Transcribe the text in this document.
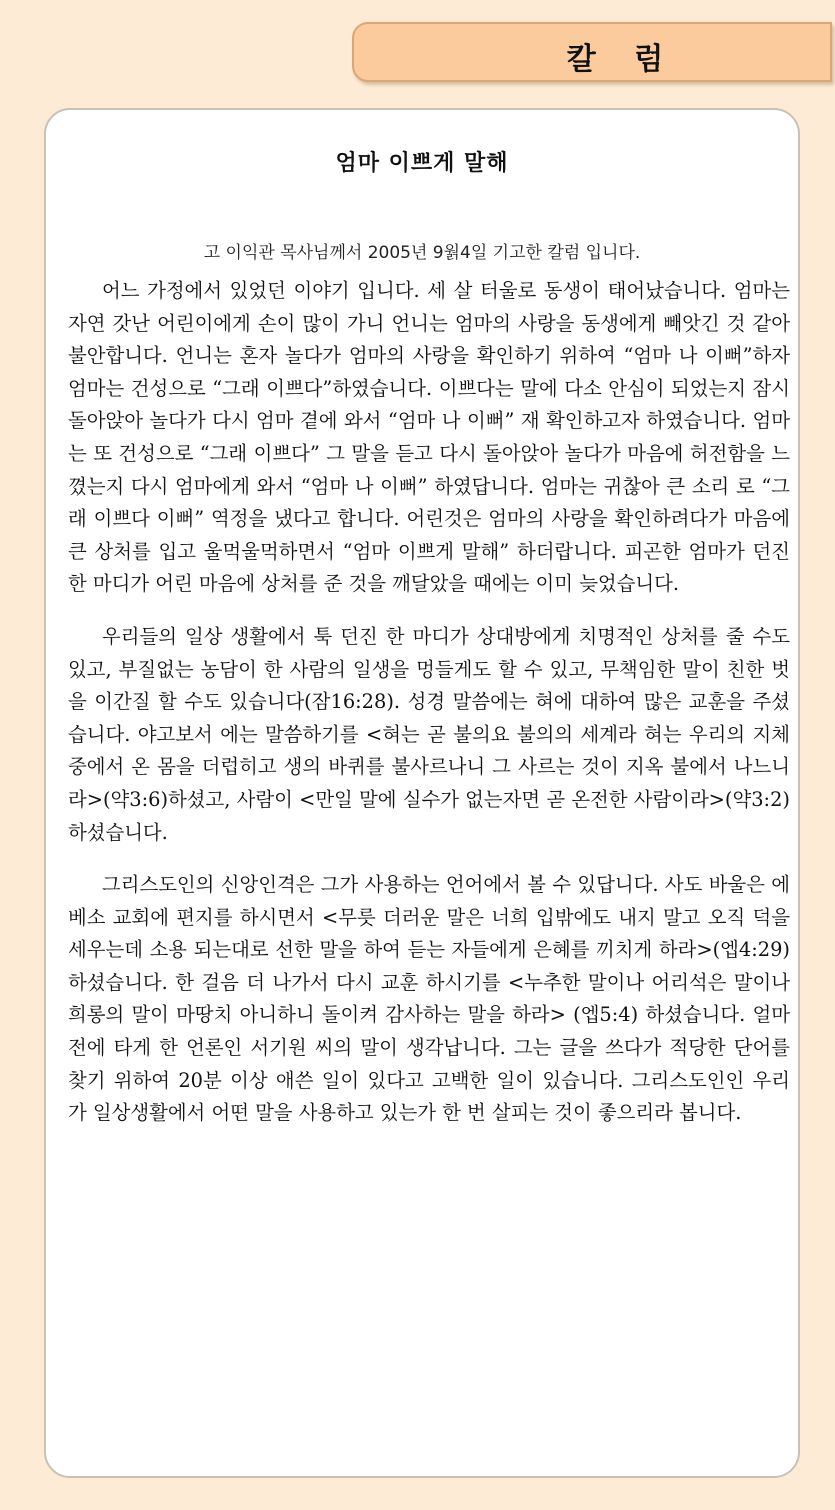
칼 럼
엄마 이쁘게 말해
고 이익관 목사님께서 2005년 9웕4일 기고한 칼럼 입니다.

어느 가정에서 있었던 이야기 입니다. 세 살 터울로 동생이 태어났습니다. 엄마는 자연 갓난 어린이에게 손이 많이 가니 언니는 엄마의 사랑을 동생에게 빼앗긴 것 같아 불안합니다. 언니는 혼자 놀다가 엄마의 사랑을 확인하기 위하여 “엄마 나 이뻐”하자 엄마는 건성으로 “그래 이쁘다”하였습니다. 이쁘다는 말에 다소 안심이 되었는지 잠시 돌아앉아 놀다가 다시 엄마 곁에 와서 “엄마 나 이뻐” 재 확인하고자 하였습니다. 엄마는 또 건성으로 “그래 이쁘다” 그 말을 듣고 다시 돌아앉아 놀다가 마음에 허전함을 느꼈는지 다시 엄마에게 와서 “엄마 나 이뻐” 하였답니다. 엄마는 귀찮아 큰 소리 로 “그래 이쁘다 이뻐” 역정을 냈다고 합니다. 어린것은 엄마의 사랑을 확인하려다가 마음에 큰 상처를 입고 울먹울먹하면서 “엄마 이쁘게 말해” 하더랍니다. 피곤한 엄마가 던진 한 마디가 어린 마음에 상처를 준 것을 깨달았을 때에는 이미 늦었습니다.

우리들의 일상 생활에서 툭 던진 한 마디가 상대방에게 치명적인 상처를 줄 수도 있고, 부질없는 농담이 한 사람의 일생을 멍들게도 할 수 있고, 무책임한 말이 친한 벗을 이간질 할 수도 있습니다(잠16:28). 성경 말씀에는 혀에 대하여 많은 교훈을 주셨습니다. 야고보서 에는 말씀하기를 <혀는 곧 불의요 불의의 세계라 혀는 우리의 지체 중에서 온 몸을 더럽히고 생의 바퀴를 불사르나니 그 사르는 것이 지옥 불에서 나느니라>(약3:6)하셨고, 사람이 <만일 말에 실수가 없는자면 곧 온전한 사람이라>(약3:2)하셨습니다.

그리스도인의 신앙인격은 그가 사용하는 언어에서 볼 수 있답니다. 사도 바울은 에베소 교회에 편지를 하시면서 <무릇 더러운 말은 너희 입밖에도 내지 말고 오직 덕을 세우는데 소용 되는대로 선한 말을 하여 듣는 자들에게 은혜를 끼치게 하라>(엡4:29)하셨습니다. 한 걸음 더 나가서 다시 교훈 하시기를 <누추한 말이나 어리석은 말이나 희롱의 말이 마땅치 아니하니 돌이켜 감사하는 말을 하라> (엡5:4) 하셨습니다. 얼마 전에 타게 한 언론인 서기원 씨의 말이 생각납니다. 그는 글을 쓰다가 적당한 단어를 찾기 위하여 20분 이상 애쓴 일이 있다고 고백한 일이 있습니다. 그리스도인인 우리 가 일상생활에서 어떤 말을 사용하고 있는가 한 번 살피는 것이 좋으리라 봅니다.
